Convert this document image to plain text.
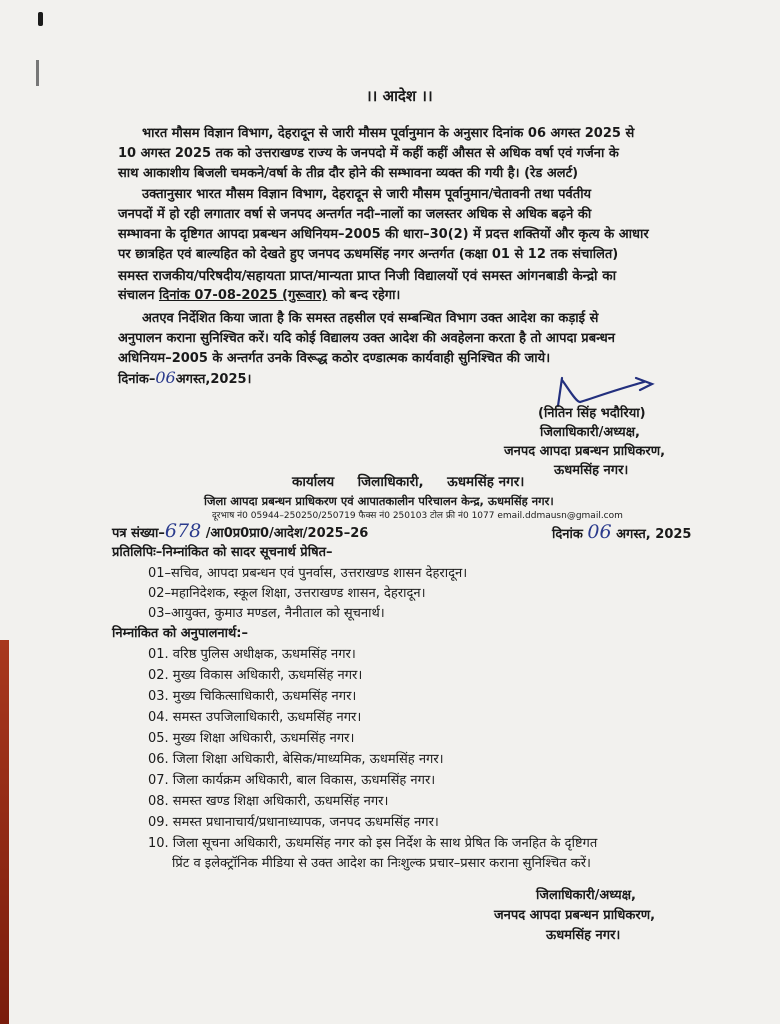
।। आदेश ।।
भारत मौसम विज्ञान विभाग, देहरादून से जारी मौसम पूर्वानुमान के अनुसार दिनांक 06 अगस्त 2025 से
10 अगस्त 2025 तक को उत्तराखण्ड राज्य के जनपदो में कहीं कहीं औसत से अधिक वर्षा एवं गर्जना के
साथ आकाशीय बिजली चमकने/वर्षा के तीव्र दौर होने की सम्भावना व्यक्त की गयी है। (रेड अलर्ट)
उक्तानुसार भारत मौसम विज्ञान विभाग, देहरादून से जारी मौसम पूर्वानुमान/चेतावनी तथा पर्वतीय
जनपदों में हो रही लगातार वर्षा से जनपद अन्तर्गत नदी–नालों का जलस्तर अधिक से अधिक बढ़ने की
सम्भावना के दृष्टिगत आपदा प्रबन्धन अधिनियम–2005 की धारा–30(2) में प्रदत्त शक्तियों और कृत्य के आधार
पर छात्रहित एवं बाल्यहित को देखते हुए जनपद ऊधमसिंह नगर अन्तर्गत (कक्षा 01 से 12 तक संचालित)
समस्त राजकीय/परिषदीय/सहायता प्राप्त/मान्यता प्राप्त निजी विद्यालयों एवं समस्त आंगनबाडी केन्द्रो का
संचालन दिनांक 07-08-2025 (गुरूवार) को बन्द रहेगा।
अतएव निर्देशित किया जाता है कि समस्त तहसील एवं सम्बन्धित विभाग उक्त आदेश का कड़ाई से
अनुपालन कराना सुनिश्चित करें। यदि कोई विद्यालय उक्त आदेश की अवहेलना करता है तो आपदा प्रबन्धन
अधिनियम–2005 के अन्तर्गत उनके विरूद्ध कठोर दण्डात्मक कार्यवाही सुनिश्चित की जाये।
दिनांक–06अगस्त,2025।
(नितिन सिंह भदौरिया)
जिलाधिकारी/अध्यक्ष,
जनपद आपदा प्रबन्धन प्राधिकरण,
ऊधमसिंह नगर।
कार्यालय     जिलाधिकारी,     ऊधमसिंह नगर।
जिला आपदा प्रबन्धन प्राधिकरण एवं आपातकालीन परिचालन केन्द्र, ऊधमसिंह नगर।
दूरभाष नं0 05944–250250/250719 फैक्स नं0 250103 टोल फ्री नं0 1077 email.ddmausn@gmail.com
पत्र संख्या–678 /आ0प्र0प्रा0/आदेश/2025–26	दिनांक 06 अगस्त, 2025
प्रतिलिपिः–निम्नांकित को सादर सूचनार्थ प्रेषित–
01–सचिव, आपदा प्रबन्धन एवं पुनर्वास, उत्तराखण्ड शासन देहरादून।
02–महानिदेशक, स्कूल शिक्षा, उत्तराखण्ड शासन, देहरादून।
03–आयुक्त, कुमाउ मण्डल, नैनीताल को सूचनार्थ।
निम्नांकित को अनुपालनार्थ:–
01. वरिष्ठ पुलिस अधीक्षक, ऊधमसिंह नगर।
02. मुख्य विकास अधिकारी, ऊधमसिंह नगर।
03. मुख्य चिकित्साधिकारी, ऊधमसिंह नगर।
04. समस्त उपजिलाधिकारी, ऊधमसिंह नगर।
05. मुख्य शिक्षा अधिकारी, ऊधमसिंह नगर।
06. जिला शिक्षा अधिकारी, बेसिक/माध्यमिक, ऊधमसिंह नगर।
07. जिला कार्यक्रम अधिकारी, बाल विकास, ऊधमसिंह नगर।
08. समस्त खण्ड शिक्षा अधिकारी, ऊधमसिंह नगर।
09. समस्त प्रधानाचार्य/प्रधानाध्यापक, जनपद ऊधमसिंह नगर।
10. जिला सूचना अधिकारी, ऊधमसिंह नगर को इस निर्देश के साथ प्रेषित कि जनहित के दृष्टिगत
प्रिंट व इलेक्ट्रॉनिक मीडिया से उक्त आदेश का निःशुल्क प्रचार–प्रसार कराना सुनिश्चित करें।
जिलाधिकारी/अध्यक्ष,
जनपद आपदा प्रबन्धन प्राधिकरण,
ऊधमसिंह नगर।
